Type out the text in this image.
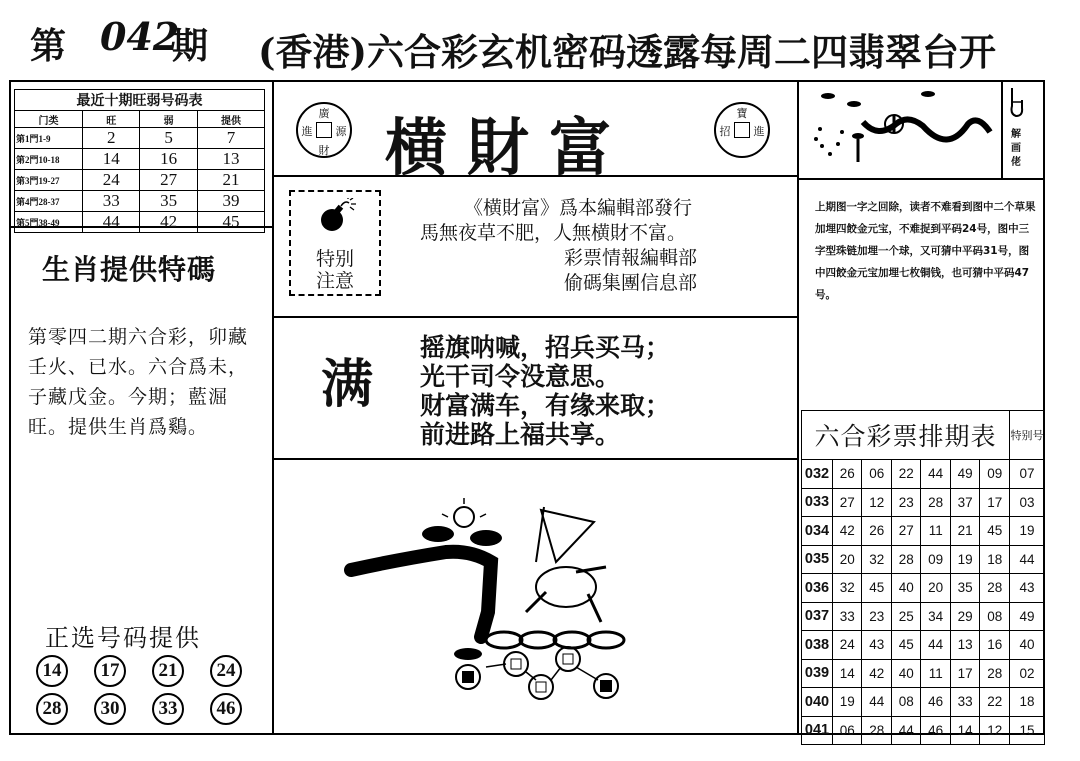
第 042
期 (香港)六合彩玄机密码透露每周二四翡翠台开
最近十期旺弱号码表			
门类	旺	弱	提供
第1門1-9	2	5	7
第2門10-18	14	16	13
第3門19-27	24	27	21
第4門28-37	33	35	39
第5門38-49	44	42	45
生肖提供特碼
第零四二期六合彩，卯藏壬火、已水。六合爲未，子藏戊金。今期；藍淈旺。提供生肖爲鷄。
正选号码提供
14	17	21	24
28	30	33	46
廣
進 源
財 横財富	寶
招 進
特别
注意
《横財富》爲本編輯部發行
馬無夜草不肥，人無横財不富。
彩票情報編輯部
偷碼集團信息部
满
摇旗呐喊，招兵买马；
光干司令没意思。
财富满车，有缘来取；
前进路上福共享。
解画佬
上期图一字之回除，读者不难看到图中二个草果加埋四餃金元宝，不难捉到平码24号，图中三字型珠链加埋一个球，又可猜中平码31号，图中四餃金元宝加埋七枚铜钱，也可猜中平码47号。
六合彩票排期表							特别号
032	26	06	22	44	49	09	07
033	27	12	23	28	37	17	03
034	42	26	27	11	21	45	19
035	20	32	28	09	19	18	44
036	32	45	40	20	35	28	43
037	33	23	25	34	29	08	49
038	24	43	45	44	13	16	40
039	14	42	40	11	17	28	02
040	19	44	08	46	33	22	18
041	06	28	44	46	14	12	15
